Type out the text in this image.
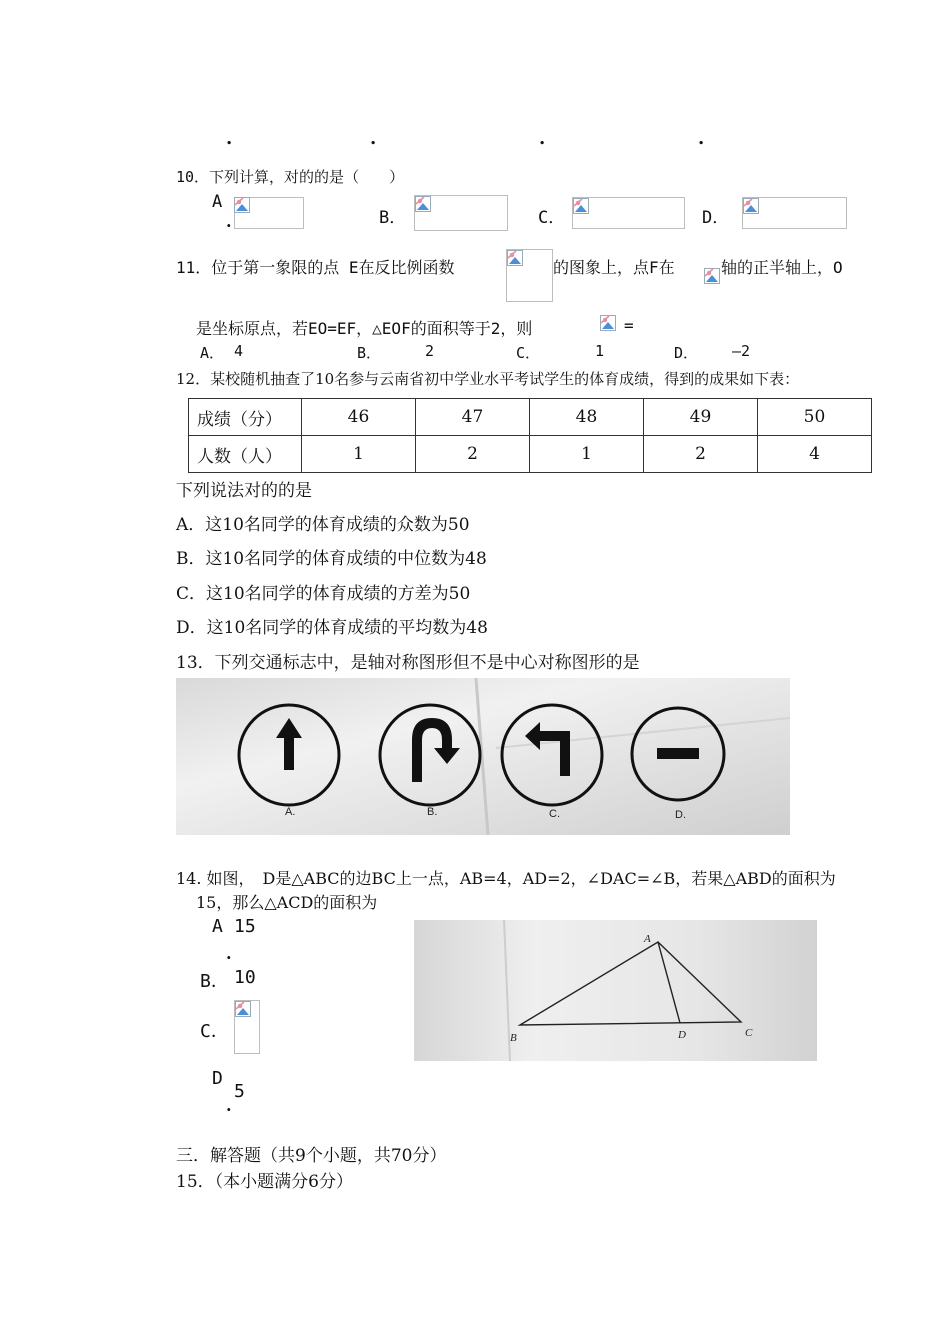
.	.	.	.
10．下列计算，对的的是（　　）
A
.	B．	C．	D．
11．位于第一象限的点 E在反比例函数	的图象上，点F在	轴的正半轴上，O
是坐标原点，若EO=EF，△EOF的面积等于2，则	=
A． 4	B．	2	C．	1	D． —2
12．某校随机抽查了10名参与云南省初中学业水平考试学生的体育成绩，得到的成果如下表：
成绩（分）	46	47	48	49	50
人数（人）	1	2	1	2	4
下列说法对的的是
A．这10名同学的体育成绩的众数为50
B．这10名同学的体育成绩的中位数为48
C．这10名同学的体育成绩的方差为50
D．这10名同学的体育成绩的平均数为48
13．下列交通标志中，是轴对称图形但不是中心对称图形的是
A.	B.	C.	D.
14. 如图，　D是△ABC的边BC上一点，AB=4，AD=2，∠DAC=∠B，若果△ABD的面积为
15，那么△ACD的面积为
A 15
.
B． 10
C．
D
5
.
A
B	D	C
三．解答题（共9个小题，共70分）
15．（本小题满分6分）
